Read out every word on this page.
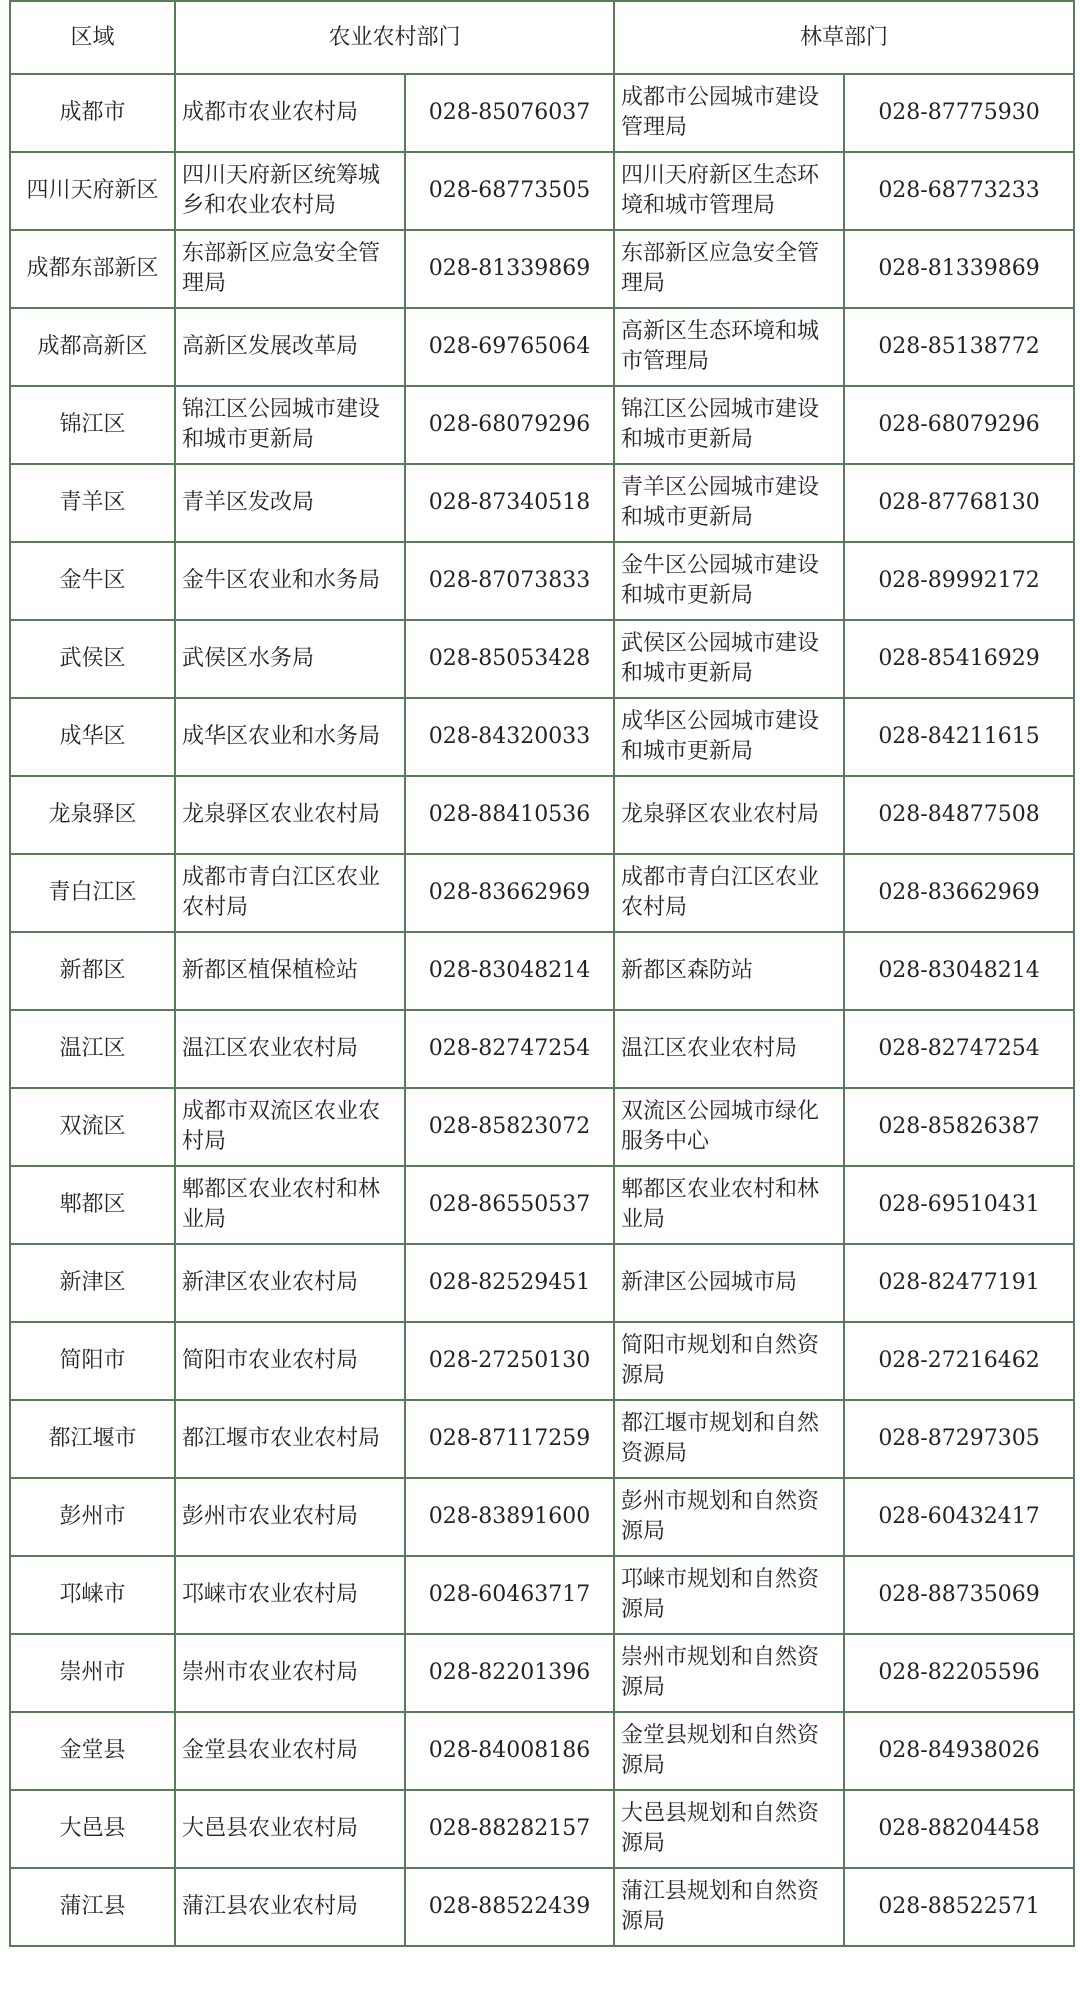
区域	农业农村部门		林草部门	
成都市	成都市农业农村局	028-85076037	成都市公园城市建设管理局	028-87775930
四川天府新区	四川天府新区统筹城乡和农业农村局	028-68773505	四川天府新区生态环境和城市管理局	028-68773233
成都东部新区	东部新区应急安全管理局	028-81339869	东部新区应急安全管理局	028-81339869
成都高新区	高新区发展改革局	028-69765064	高新区生态环境和城市管理局	028-85138772
锦江区	锦江区公园城市建设和城市更新局	028-68079296	锦江区公园城市建设和城市更新局	028-68079296
青羊区	青羊区发改局	028-87340518	青羊区公园城市建设和城市更新局	028-87768130
金牛区	金牛区农业和水务局	028-87073833	金牛区公园城市建设和城市更新局	028-89992172
武侯区	武侯区水务局	028-85053428	武侯区公园城市建设和城市更新局	028-85416929
成华区	成华区农业和水务局	028-84320033	成华区公园城市建设和城市更新局	028-84211615
龙泉驿区	龙泉驿区农业农村局	028-88410536	龙泉驿区农业农村局	028-84877508
青白江区	成都市青白江区农业农村局	028-83662969	成都市青白江区农业农村局	028-83662969
新都区	新都区植保植检站	028-83048214	新都区森防站	028-83048214
温江区	温江区农业农村局	028-82747254	温江区农业农村局	028-82747254
双流区	成都市双流区农业农村局	028-85823072	双流区公园城市绿化服务中心	028-85826387
郫都区	郫都区农业农村和林业局	028-86550537	郫都区农业农村和林业局	028-69510431
新津区	新津区农业农村局	028-82529451	新津区公园城市局	028-82477191
简阳市	简阳市农业农村局	028-27250130	简阳市规划和自然资源局	028-27216462
都江堰市	都江堰市农业农村局	028-87117259	都江堰市规划和自然资源局	028-87297305
彭州市	彭州市农业农村局	028-83891600	彭州市规划和自然资源局	028-60432417
邛崃市	邛崃市农业农村局	028-60463717	邛崃市规划和自然资源局	028-88735069
崇州市	崇州市农业农村局	028-82201396	崇州市规划和自然资源局	028-82205596
金堂县	金堂县农业农村局	028-84008186	金堂县规划和自然资源局	028-84938026
大邑县	大邑县农业农村局	028-88282157	大邑县规划和自然资源局	028-88204458
蒲江县	蒲江县农业农村局	028-88522439	蒲江县规划和自然资源局	028-88522571
